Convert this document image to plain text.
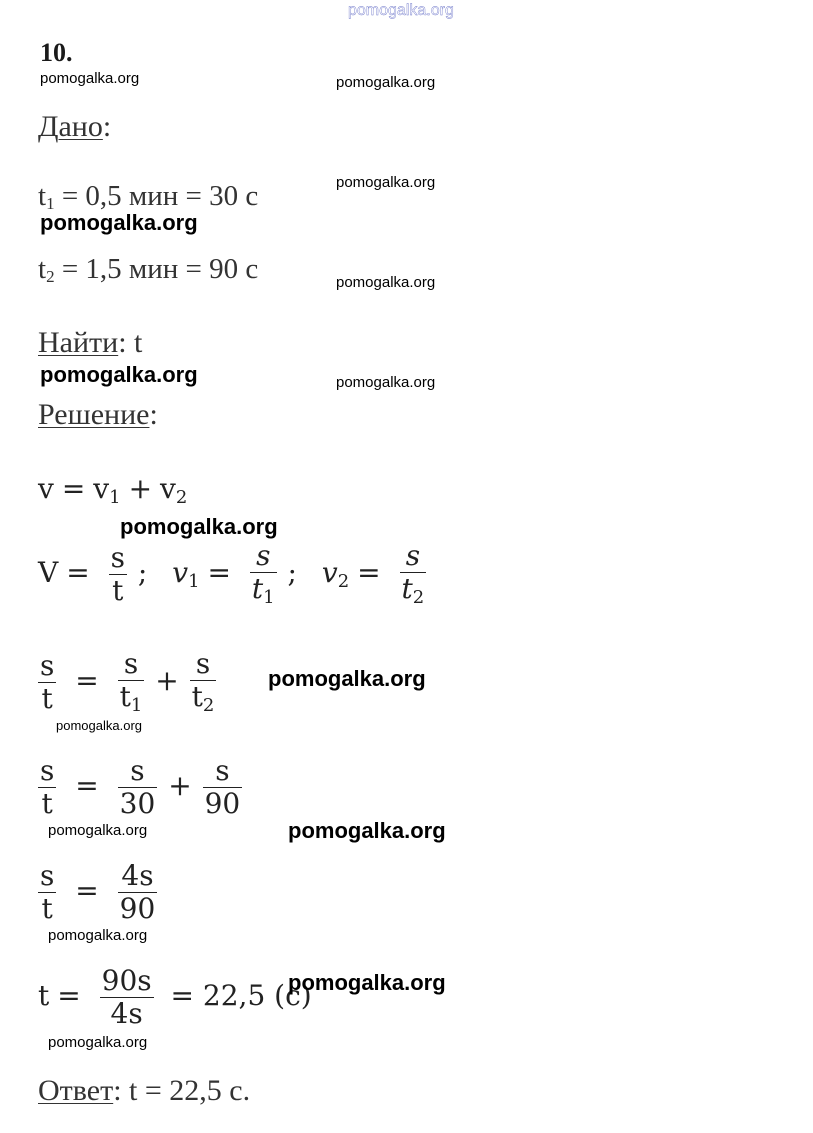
pomogalka.org
10.
pomogalka.org	pomogalka.org
Дано:
$t_1 = 0,5$ мин = 30 с	pomogalka.org
pomogalka.org
$t_2 = 1,5$ мин = 90 с	pomogalka.org
Найти: t
pomogalka.org	pomogalka.org
Решение:
$v = v_1 + v_2$
pomogalka.org
$V = \frac{s}{t}$ ; $v_1 = \frac{s}{t_1}$ ; $v_2 = \frac{s}{t_2}$
$\frac{s}{t} = \frac{s}{t_1} + \frac{s}{t_2}$ pomogalka.org
pomogalka.org
$\frac{s}{t} = \frac{s}{30} + \frac{s}{90}$
pomogalka.org	pomogalka.org
$\frac{s}{t} = \frac{4s}{90}$
pomogalka.org
$t = \frac{90s}{4s} = 22,5$ (с)
pomogalka.org
pomogalka.org
Ответ: t = 22,5 с.
